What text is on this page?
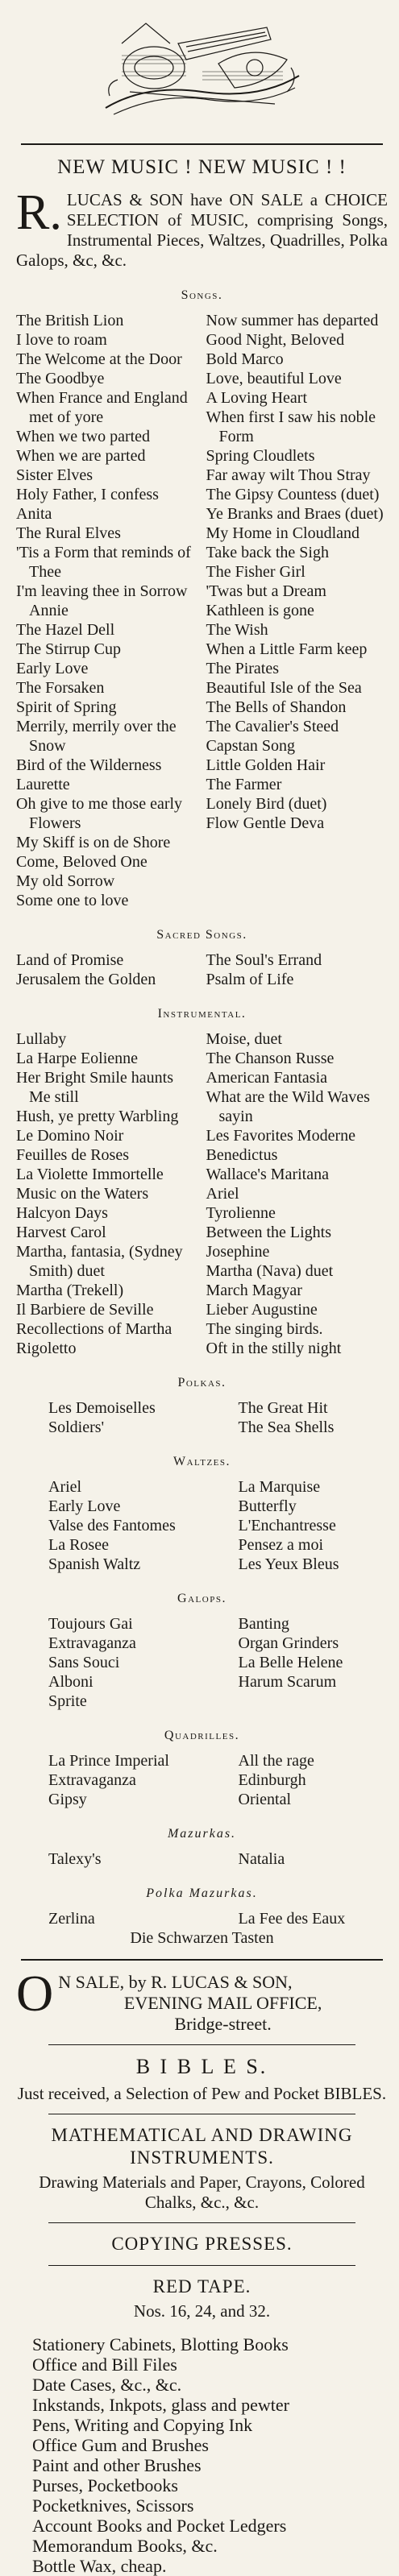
NEW MUSIC ! NEW MUSIC ! !
R. LUCAS & SON have ON SALE a CHOICE SELECTION of MUSIC, comprising Songs, Instrumental Pieces, Waltzes, Quadrilles, Polka Galops, &c, &c.
Songs.
The British Lion
I love to roam
The Welcome at the Door
The Goodbye
When France and England met of yore
When we two parted
When we are parted
Sister Elves
Holy Father, I confess
Anita
The Rural Elves
'Tis a Form that reminds of Thee
I'm leaving thee in Sorrow Annie
The Hazel Dell
The Stirrup Cup
Early Love
The Forsaken
Spirit of Spring
Merrily, merrily over the Snow
Bird of the Wilderness
Laurette
Oh give to me those early Flowers
My Skiff is on de Shore
Come, Beloved One
My old Sorrow
Some one to love
Now summer has departed
Good Night, Beloved
Bold Marco
Love, beautiful Love
A Loving Heart
When first I saw his noble Form
Spring Cloudlets
Far away wilt Thou Stray
The Gipsy Countess (duet)
Ye Branks and Braes (duet)
My Home in Cloudland
Take back the Sigh
The Fisher Girl
'Twas but a Dream
Kathleen is gone
The Wish
When a Little Farm keep
The Pirates
Beautiful Isle of the Sea
The Bells of Shandon
The Cavalier's Steed
Capstan Song
Little Golden Hair
The Farmer
Lonely Bird (duet)
Flow Gentle Deva
Sacred Songs.
Land of Promise
Jerusalem the Golden
The Soul's Errand
Psalm of Life
Instrumental.
Lullaby
La Harpe Eolienne
Her Bright Smile haunts Me still
Hush, ye pretty Warbling
Le Domino Noir
Feuilles de Roses
La Violette Immortelle
Music on the Waters
Halcyon Days
Harvest Carol
Martha, fantasia, (Sydney Smith) duet
Martha (Trekell)
Il Barbiere de Seville
Recollections of Martha
Rigoletto
Moise, duet
The Chanson Russe
American Fantasia
What are the Wild Waves sayin
Les Favorites Moderne
Benedictus
Wallace's Maritana
Ariel
Tyrolienne
Between the Lights
Josephine
Martha (Nava) duet
March Magyar
Lieber Augustine
The singing birds.
Oft in the stilly night
Polkas.
Les Demoiselles
Soldiers'
The Great Hit
The Sea Shells
Waltzes.
Ariel
Early Love
Valse des Fantomes
La Rosee
Spanish Waltz
La Marquise
Butterfly
L'Enchantresse
Pensez a moi
Les Yeux Bleus
Galops.
Toujours Gai
Extravaganza
Sans Souci
Alboni
Sprite
Banting
Organ Grinders
La Belle Helene
Harum Scarum
Quadrilles.
La Prince Imperial
Extravaganza
Gipsy
All the rage
Edinburgh
Oriental
Mazurkas.
Talexy's	Natalia
Polka Mazurkas.
Zerlina	La Fee des Eaux
Die Schwarzen Tasten
O N SALE, by R. LUCAS & SON,
EVENING MAIL OFFICE,
Bridge-street.
B I B L E S.
Just received, a Selection of Pew and Pocket BIBLES.
MATHEMATICAL AND DRAWING INSTRUMENTS.
Drawing Materials and Paper, Crayons, Colored Chalks, &c., &c.
COPYING PRESSES.
RED TAPE.
Nos. 16, 24, and 32.
Stationery Cabinets, Blotting Books
Office and Bill Files
Date Cases, &c., &c.
Inkstands, Inkpots, glass and pewter
Pens, Writing and Copying Ink
Office Gum and Brushes
Paint and other Brushes
Purses, Pocketbooks
Pocketknives, Scissors
Account Books and Pocket Ledgers
Memorandum Books, &c.
Bottle Wax, cheap.
